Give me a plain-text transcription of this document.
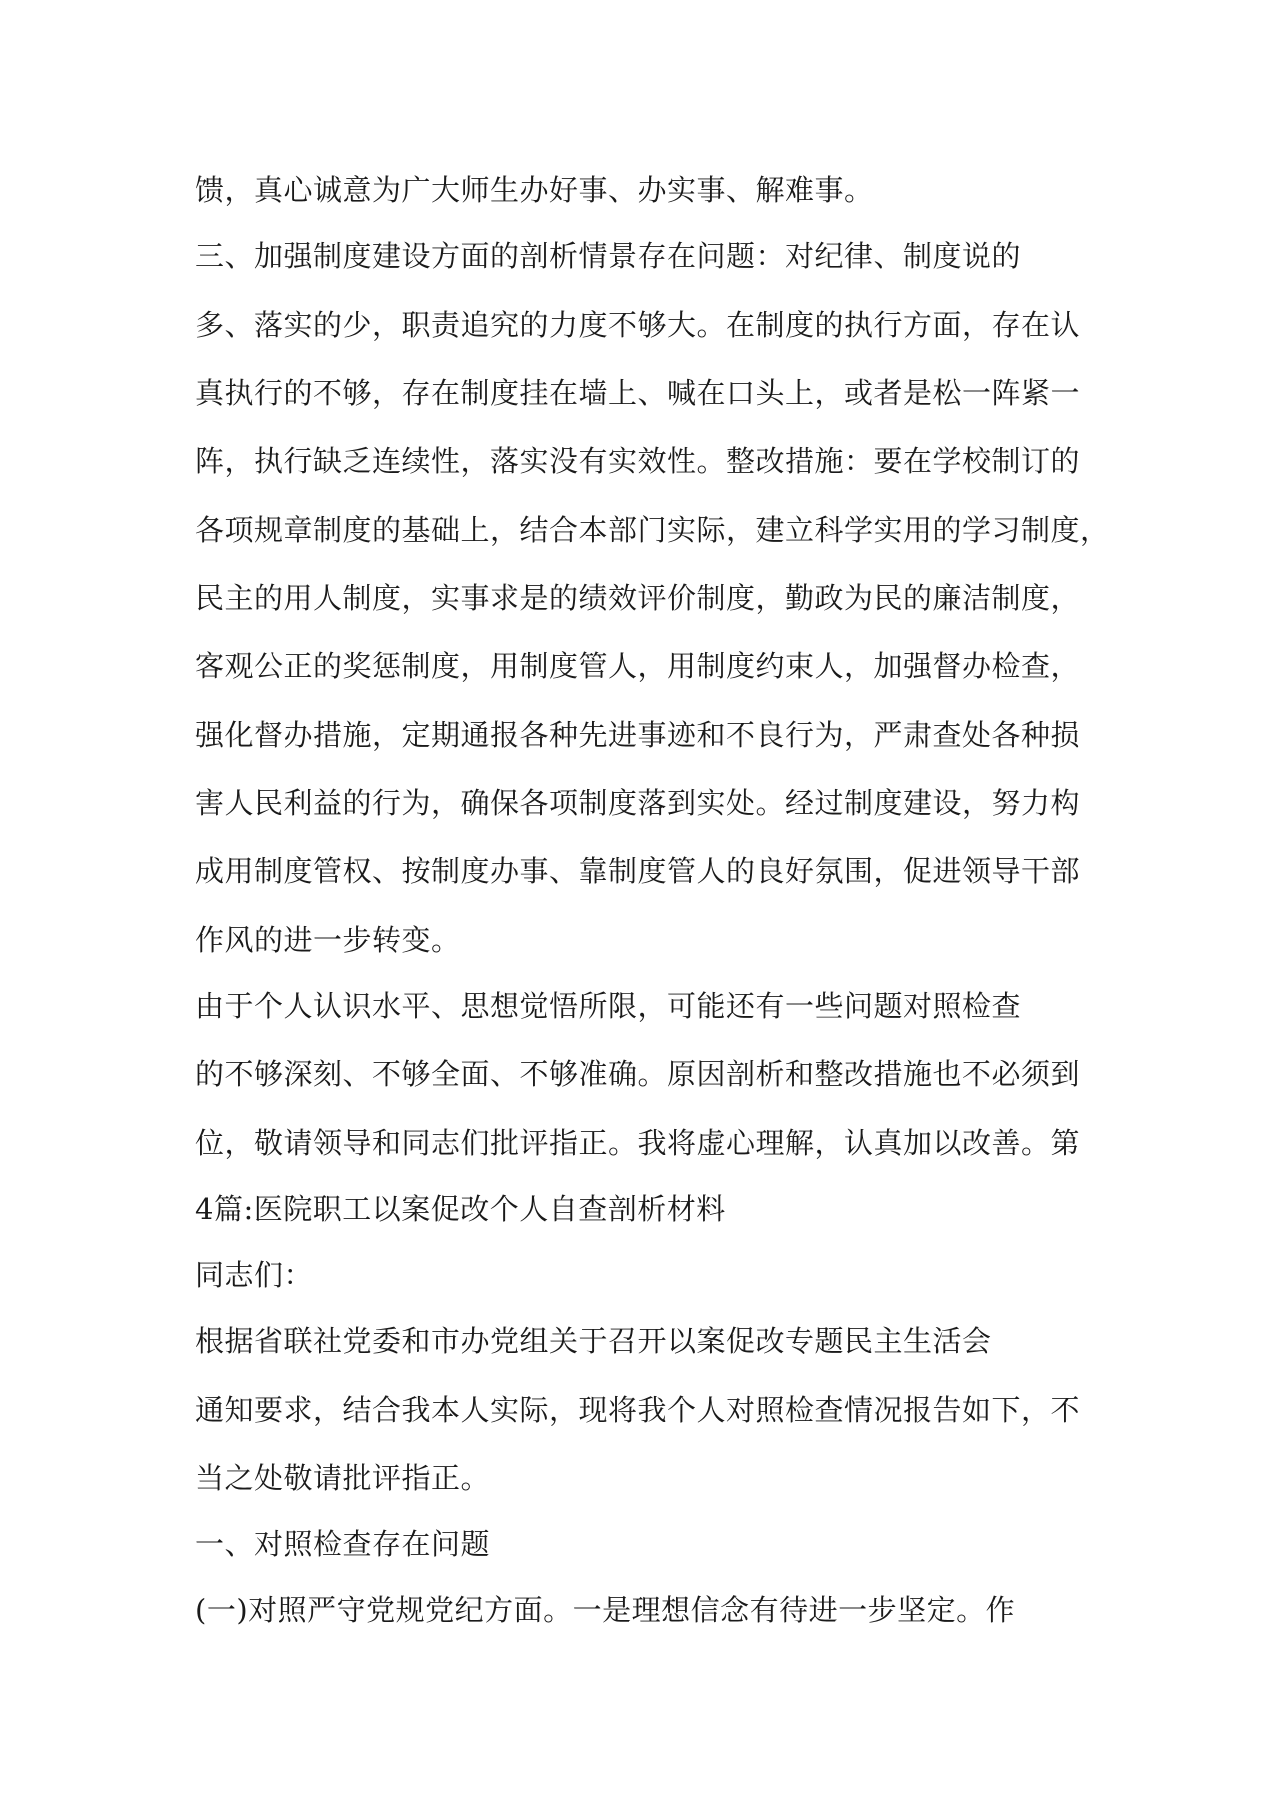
馈，真心诚意为广大师生办好事、办实事、解难事。
三、加强制度建设方面的剖析情景存在问题：对纪律、制度说的
多、落实的少，职责追究的力度不够大。在制度的执行方面，存在认
真执行的不够，存在制度挂在墙上、喊在口头上，或者是松一阵紧一
阵，执行缺乏连续性，落实没有实效性。整改措施：要在学校制订的
各项规章制度的基础上，结合本部门实际，建立科学实用的学习制度，
民主的用人制度，实事求是的绩效评价制度，勤政为民的廉洁制度，
客观公正的奖惩制度，用制度管人，用制度约束人，加强督办检查，
强化督办措施，定期通报各种先进事迹和不良行为，严肃查处各种损
害人民利益的行为，确保各项制度落到实处。经过制度建设，努力构
成用制度管权、按制度办事、靠制度管人的良好氛围，促进领导干部
作风的进一步转变。
由于个人认识水平、思想觉悟所限，可能还有一些问题对照检查
的不够深刻、不够全面、不够准确。原因剖析和整改措施也不必须到
位，敬请领导和同志们批评指正。我将虚心理解，认真加以改善。第
4篇:医院职工以案促改个人自查剖析材料
同志们：
根据省联社党委和市办党组关于召开以案促改专题民主生活会
通知要求，结合我本人实际，现将我个人对照检查情况报告如下，不
当之处敬请批评指正。
一、对照检查存在问题
(一)对照严守党规党纪方面。一是理想信念有待进一步坚定。作
